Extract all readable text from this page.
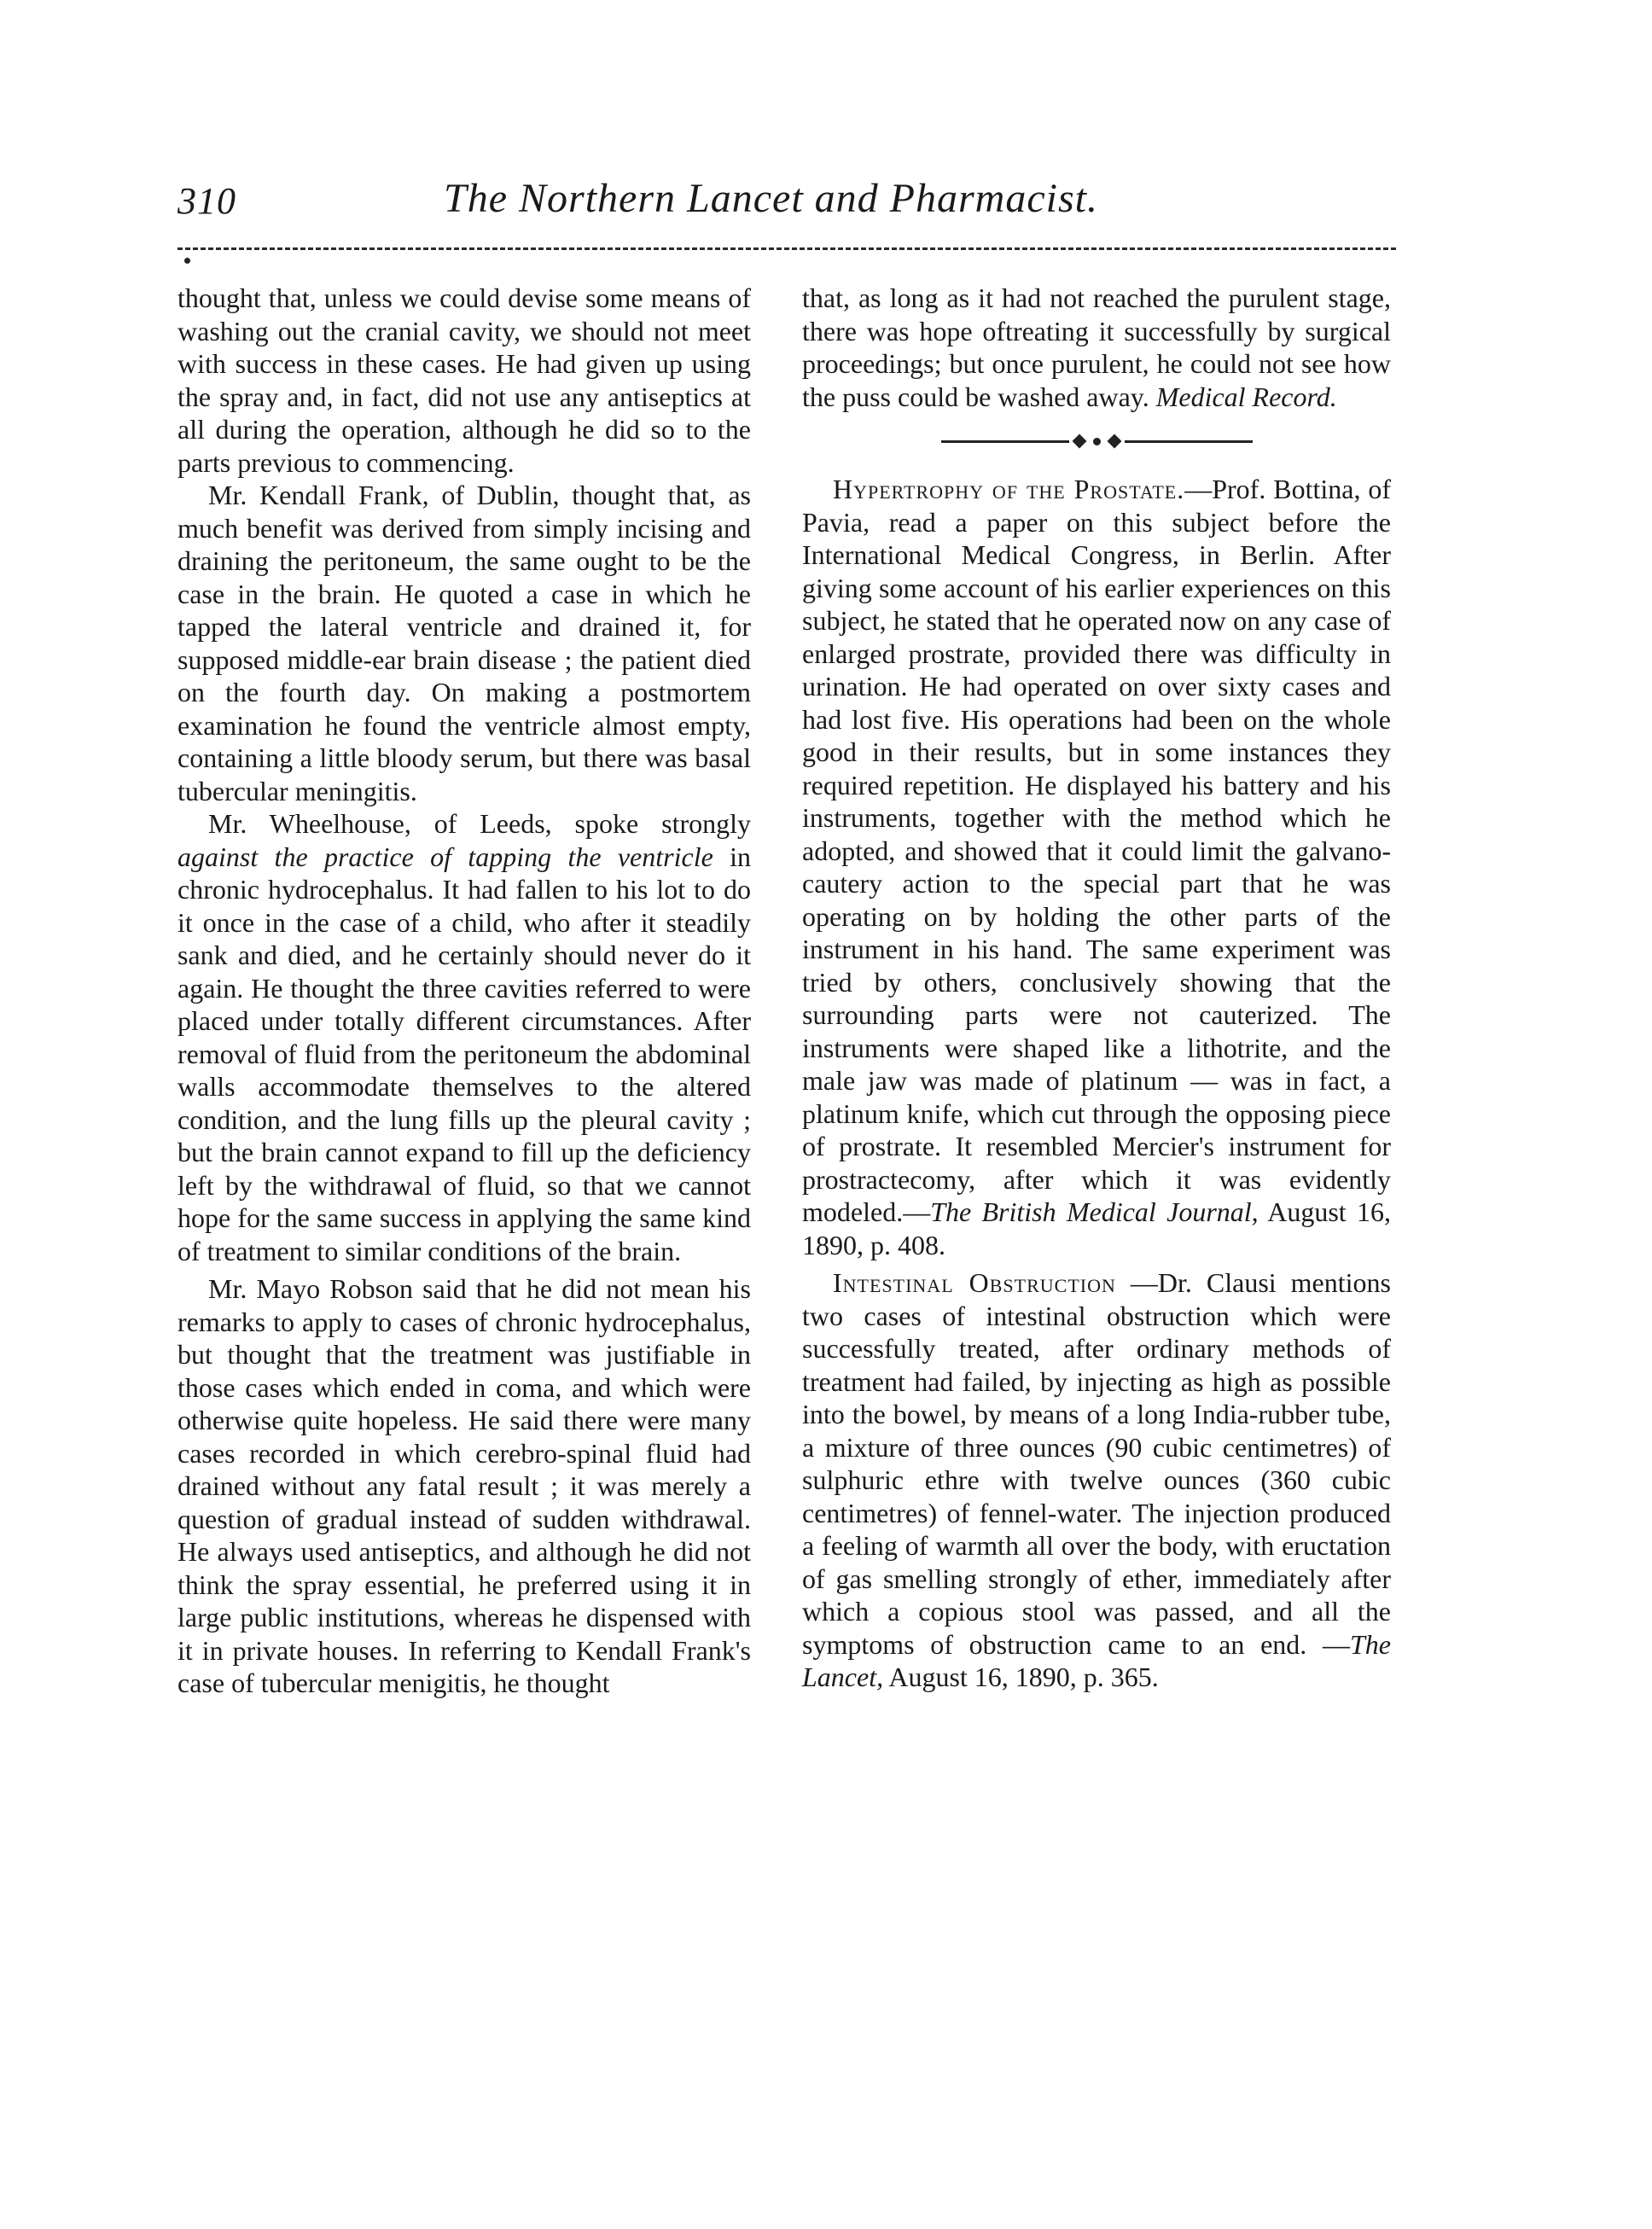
310	The Northern Lancet and Pharmacist.

thought that, unless we could devise some means of washing out the cranial cavity, we should not meet with success in these cases. He had given up using the spray and, in fact, did not use any antiseptics at all during the operation, although he did so to the parts previous to commencing.

Mr. Kendall Frank, of Dublin, thought that, as much benefit was derived from simply incising and draining the peritoneum, the same ought to be the case in the brain. He quoted a case in which he tapped the lateral ventricle and drained it, for supposed middle-ear brain disease ; the patient died on the fourth day. On making a postmortem examination he found the ventricle almost empty, containing a little bloody serum, but there was basal tubercular meningitis.

Mr. Wheelhouse, of Leeds, spoke strongly against the practice of tapping the ventricle in chronic hydrocephalus. It had fallen to his lot to do it once in the case of a child, who after it steadily sank and died, and he certainly should never do it again. He thought the three cavities referred to were placed under totally different circumstances. After removal of fluid from the peritoneum the abdominal walls accommodate themselves to the altered condition, and the lung fills up the pleural cavity ; but the brain cannot expand to fill up the deficiency left by the withdrawal of fluid, so that we cannot hope for the same success in applying the same kind of treatment to similar conditions of the brain.

Mr. Mayo Robson said that he did not mean his remarks to apply to cases of chronic hydrocephalus, but thought that the treatment was justifiable in those cases which ended in coma, and which were otherwise quite hopeless. He said there were many cases recorded in which cerebro-spinal fluid had drained without any fatal result ; it was merely a question of gradual instead of sudden withdrawal. He always used antiseptics, and although he did not think the spray essential, he preferred using it in large public institutions, whereas he dispensed with it in private houses. In referring to Kendall Frank's case of tubercular menigitis, he thought

that, as long as it had not reached the purulent stage, there was hope oftreating it successfully by surgical proceedings; but once purulent, he could not see how the puss could be washed away. Medical Record.

Hypertrophy of the Prostate.—Prof. Bottina, of Pavia, read a paper on this subject before the International Medical Congress, in Berlin. After giving some account of his earlier experiences on this subject, he stated that he operated now on any case of enlarged prostrate, provided there was difficulty in urination. He had operated on over sixty cases and had lost five. His operations had been on the whole good in their results, but in some instances they required repetition. He displayed his battery and his instruments, together with the method which he adopted, and showed that it could limit the galvano-cautery action to the special part that he was operating on by holding the other parts of the instrument in his hand. The same experiment was tried by others, conclusively showing that the surrounding parts were not cauterized. The instruments were shaped like a lithotrite, and the male jaw was made of platinum — was in fact, a platinum knife, which cut through the opposing piece of prostrate. It resembled Mercier's instrument for prostractecomy, after which it was evidently modeled.—The British Medical Journal, August 16, 1890, p. 408.

Intestinal Obstruction —Dr. Clausi mentions two cases of intestinal obstruction which were successfully treated, after ordinary methods of treatment had failed, by injecting as high as possible into the bowel, by means of a long India-rubber tube, a mixture of three ounces (90 cubic centimetres) of sulphuric ethre with twelve ounces (360 cubic centimetres) of fennel-water. The injection produced a feeling of warmth all over the body, with eructation of gas smelling strongly of ether, immediately after which a copious stool was passed, and all the symptoms of obstruction came to an end. —The Lancet, August 16, 1890, p. 365.
